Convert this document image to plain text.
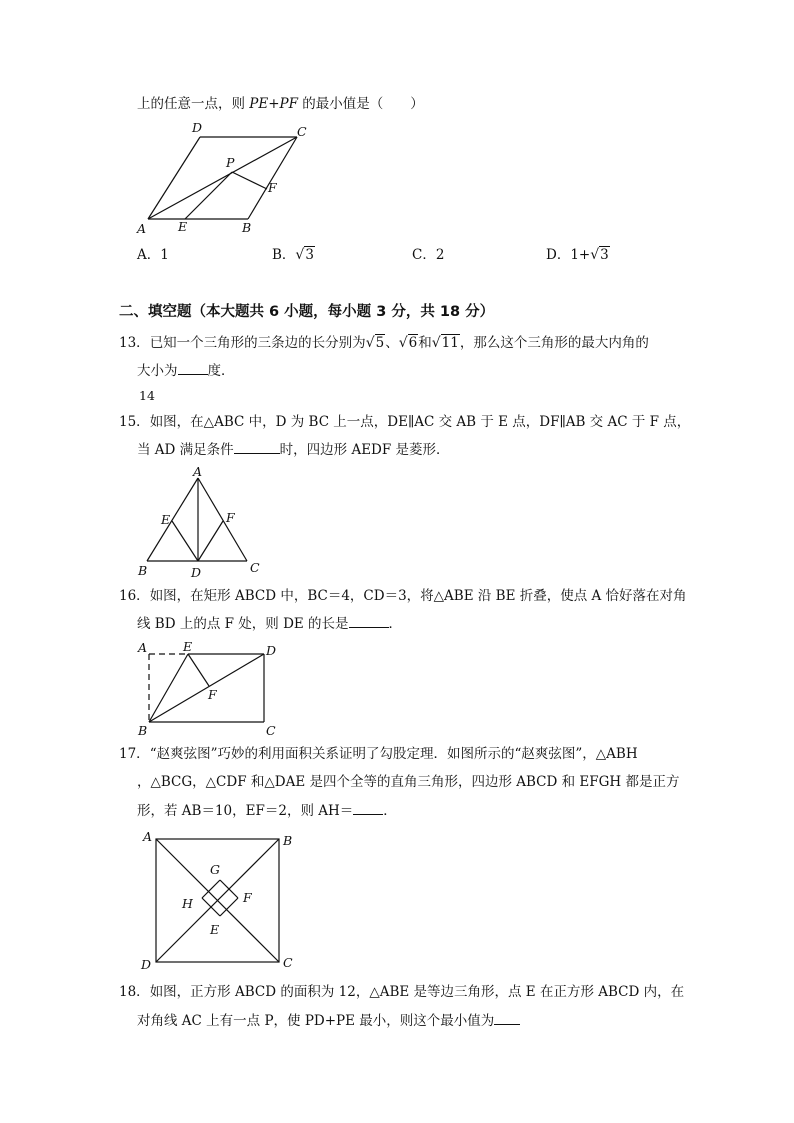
上的任意一点，则 PE+PF 的最小值是（　　）
D	C
P
F
A	E	B
A．1	B．√3	C．2	D．1+√3
二、填空题（本大题共 6 小题，每小题 3 分，共 18 分）
13．已知一个三角形的三条边的长分别为√5、√6和√11，那么这个三角形的最大内角的
大小为 度．
14
15．如图，在△ABC 中，D 为 BC 上一点，DE∥AC 交 AB 于 E 点，DF∥AB 交 AC 于 F 点，
当 AD 满足条件	时，四边形 AEDF 是菱形．
A
E	F
B	D	C
16．如图，在矩形 ABCD 中，BC＝4，CD＝3，将△ABE 沿 BE 折叠，使点 A 恰好落在对角
线 BD 上的点 F 处，则 DE 的长是	．
A	E	D
F
B	C
17．“赵爽弦图”巧妙的利用面积关系证明了勾股定理．如图所示的“赵爽弦图”，△ABH
，△BCG，△CDF 和△DAE 是四个全等的直角三角形，四边形 ABCD 和 EFGH 都是正方
形，若 AB＝10，EF＝2，则 AH＝ ．
A	B
G
H	F
E
D	C
18．如图，正方形 ABCD 的面积为 12，△ABE 是等边三角形，点 E 在正方形 ABCD 内，在
对角线 AC 上有一点 P，使 PD+PE 最小，则这个最小值为
